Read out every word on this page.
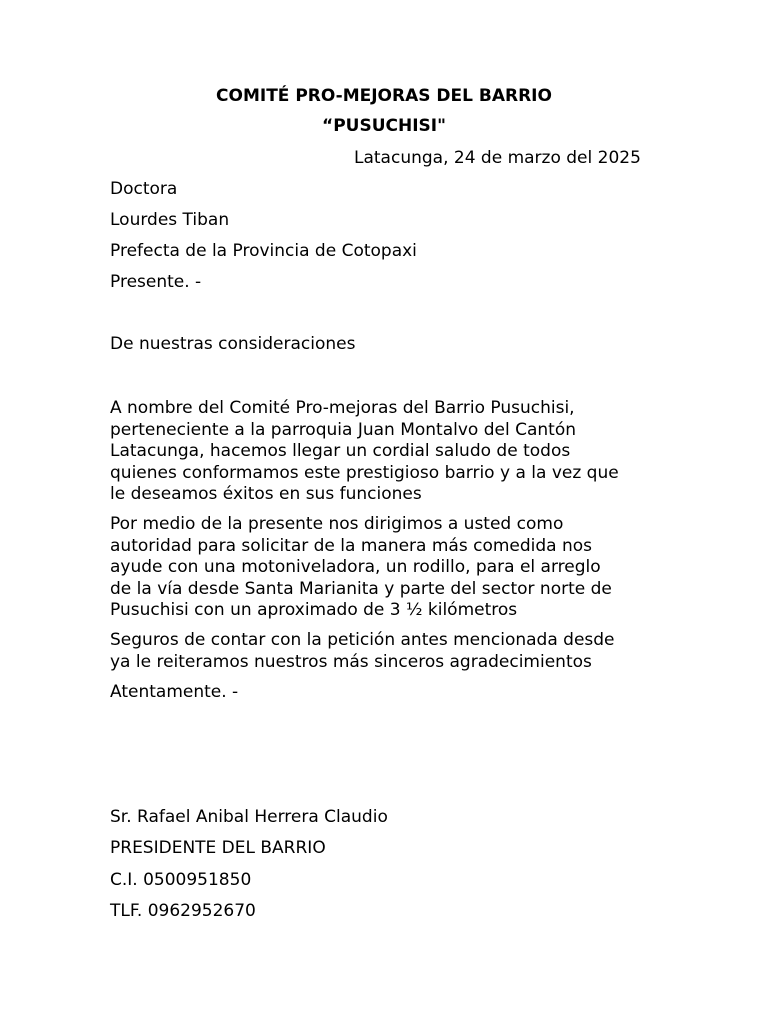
COMITÉ PRO-MEJORAS DEL BARRIO

“PUSUCHISI"

Latacunga, 24 de marzo del 2025

Doctora

Lourdes Tiban

Prefecta de la Provincia de Cotopaxi

Presente. -

De nuestras consideraciones

A nombre del Comité Pro-mejoras del Barrio Pusuchisi,
perteneciente a la parroquia Juan Montalvo del Cantón
Latacunga, hacemos llegar un cordial saludo de todos
quienes conformamos este prestigioso barrio y a la vez que
le deseamos éxitos en sus funciones
Por medio de la presente nos dirigimos a usted como
autoridad para solicitar de la manera más comedida nos
ayude con una motoniveladora, un rodillo, para el arreglo
de la vía desde Santa Marianita y parte del sector norte de
Pusuchisi con un aproximado de 3 ½ kilómetros
Seguros de contar con la petición antes mencionada desde
ya le reiteramos nuestros más sinceros agradecimientos

Atentamente. -

Sr. Rafael Anibal Herrera Claudio

PRESIDENTE DEL BARRIO

C.I. 0500951850

TLF. 0962952670
